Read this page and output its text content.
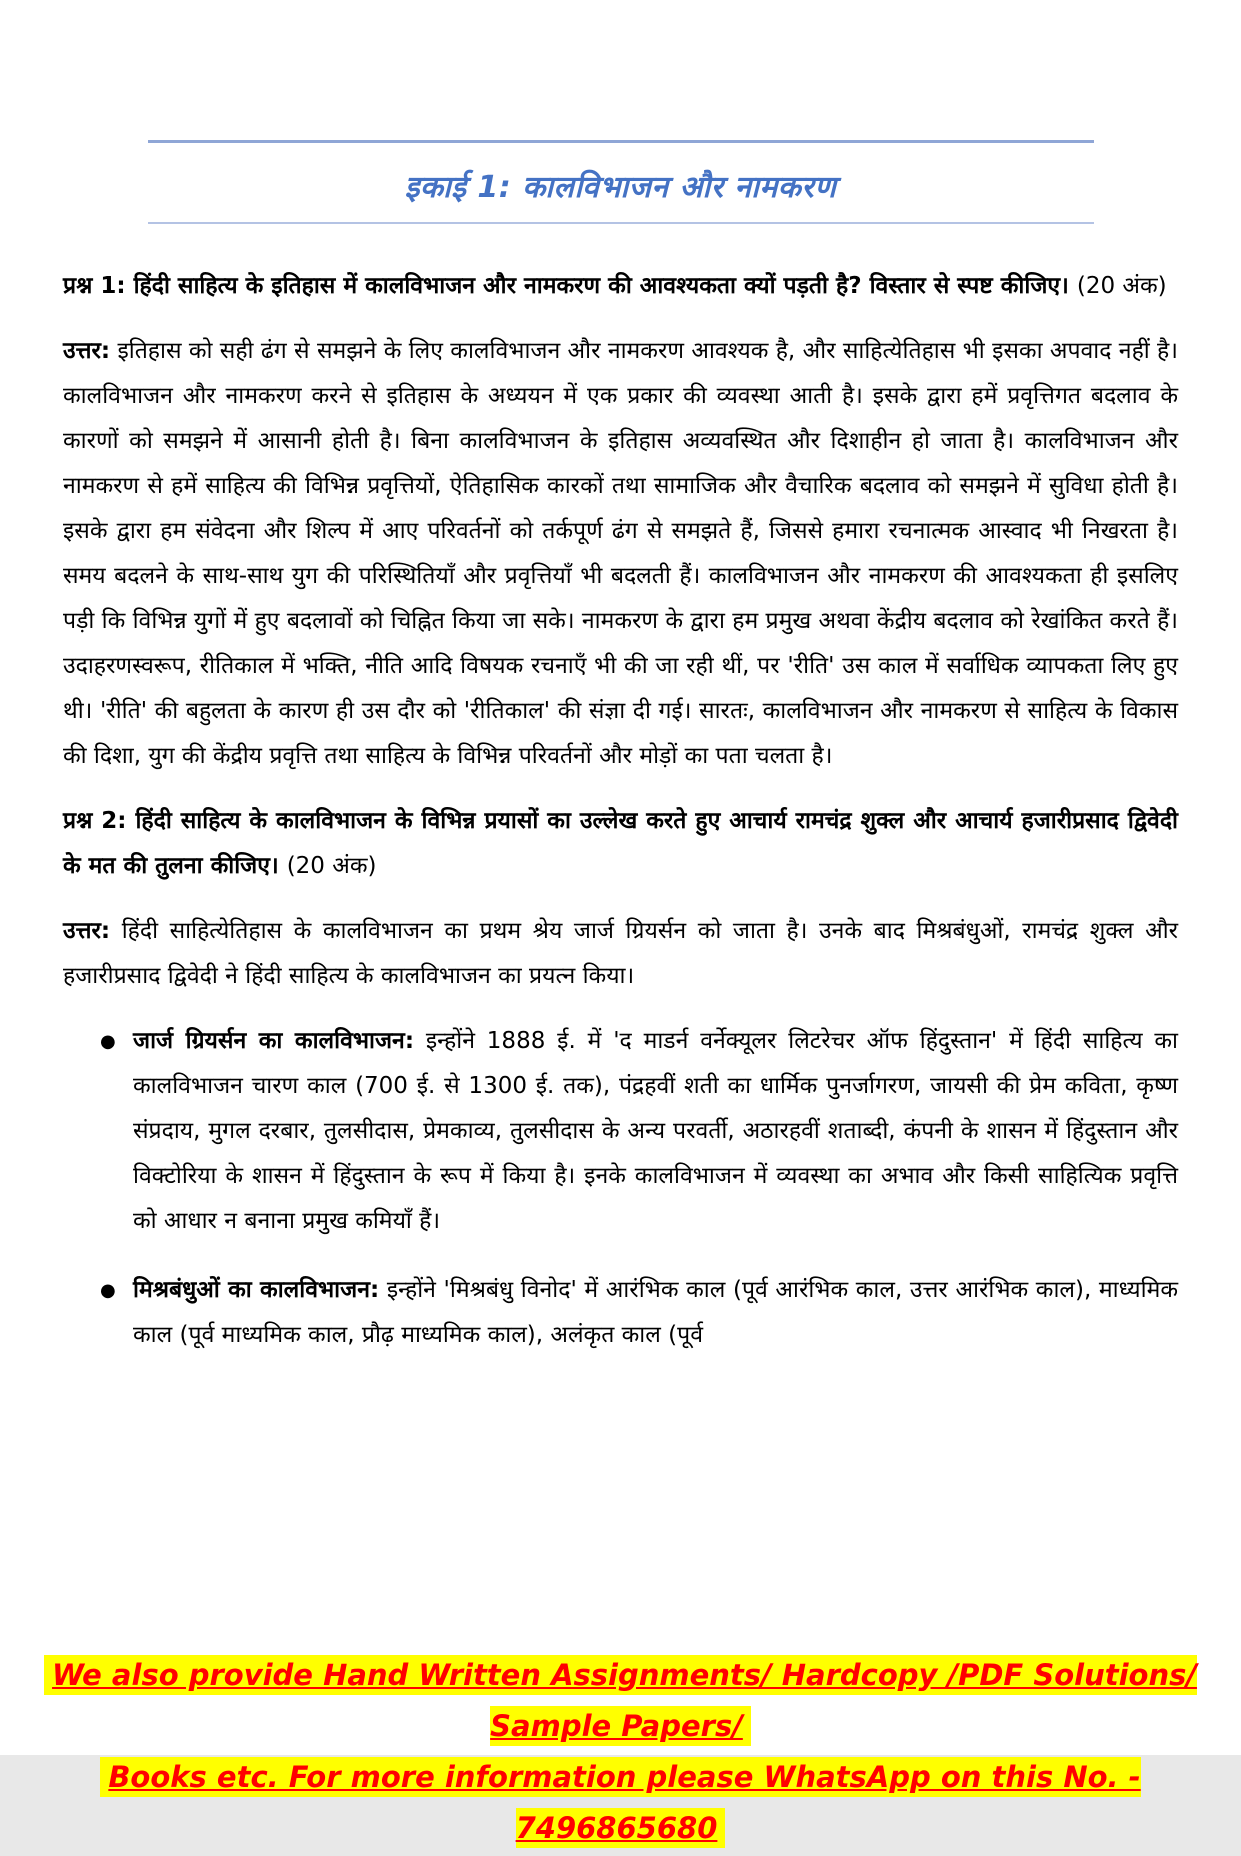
इकाई 1: कालविभाजन और नामकरण

प्रश्न 1: हिंदी साहित्य के इतिहास में कालविभाजन और नामकरण की आवश्यकता क्यों पड़ती है? विस्तार से स्पष्ट कीजिए। (20 अंक)

उत्तर: इतिहास को सही ढंग से समझने के लिए कालविभाजन और नामकरण आवश्यक है, और साहित्येतिहास भी इसका अपवाद नहीं है। कालविभाजन और नामकरण करने से इतिहास के अध्ययन में एक प्रकार की व्यवस्था आती है। इसके द्वारा हमें प्रवृत्तिगत बदलाव के कारणों को समझने में आसानी होती है। बिना कालविभाजन के इतिहास अव्यवस्थित और दिशाहीन हो जाता है। कालविभाजन और नामकरण से हमें साहित्य की विभिन्न प्रवृत्तियों, ऐतिहासिक कारकों तथा सामाजिक और वैचारिक बदलाव को समझने में सुविधा होती है। इसके द्वारा हम संवेदना और शिल्प में आए परिवर्तनों को तर्कपूर्ण ढंग से समझते हैं, जिससे हमारा रचनात्मक आस्वाद भी निखरता है। समय बदलने के साथ-साथ युग की परिस्थितियाँ और प्रवृत्तियाँ भी बदलती हैं। कालविभाजन और नामकरण की आवश्यकता ही इसलिए पड़ी कि विभिन्न युगों में हुए बदलावों को चिह्नित किया जा सके। नामकरण के द्वारा हम प्रमुख अथवा केंद्रीय बदलाव को रेखांकित करते हैं। उदाहरणस्वरूप, रीतिकाल में भक्ति, नीति आदि विषयक रचनाएँ भी की जा रही थीं, पर 'रीति' उस काल में सर्वाधिक व्यापकता लिए हुए थी। 'रीति' की बहुलता के कारण ही उस दौर को 'रीतिकाल' की संज्ञा दी गई। सारतः, कालविभाजन और नामकरण से साहित्य के विकास की दिशा, युग की केंद्रीय प्रवृत्ति तथा साहित्य के विभिन्न परिवर्तनों और मोड़ों का पता चलता है।

प्रश्न 2: हिंदी साहित्य के कालविभाजन के विभिन्न प्रयासों का उल्लेख करते हुए आचार्य रामचंद्र शुक्ल और आचार्य हजारीप्रसाद द्विवेदी के मत की तुलना कीजिए। (20 अंक)

उत्तर: हिंदी साहित्येतिहास के कालविभाजन का प्रथम श्रेय जार्ज ग्रियर्सन को जाता है। उनके बाद मिश्रबंधुओं, रामचंद्र शुक्ल और हजारीप्रसाद द्विवेदी ने हिंदी साहित्य के कालविभाजन का प्रयत्न किया।

● जार्ज ग्रियर्सन का कालविभाजन: इन्होंने 1888 ई. में 'द माडर्न वर्नेक्यूलर लिटरेचर ऑफ हिंदुस्तान' में हिंदी साहित्य का कालविभाजन चारण काल (700 ई. से 1300 ई. तक), पंद्रहवीं शती का धार्मिक पुनर्जागरण, जायसी की प्रेम कविता, कृष्ण संप्रदाय, मुगल दरबार, तुलसीदास, प्रेमकाव्य, तुलसीदास के अन्य परवर्ती, अठारहवीं शताब्दी, कंपनी के शासन में हिंदुस्तान और विक्टोरिया के शासन में हिंदुस्तान के रूप में किया है। इनके कालविभाजन में व्यवस्था का अभाव और किसी साहित्यिक प्रवृत्ति को आधार न बनाना प्रमुख कमियाँ हैं।
● मिश्रबंधुओं का कालविभाजन: इन्होंने 'मिश्रबंधु विनोद' में आरंभिक काल (पूर्व आरंभिक काल, उत्तर आरंभिक काल), माध्यमिक काल (पूर्व माध्यमिक काल, प्रौढ़ माध्यमिक काल), अलंकृत काल (पूर्व
We also provide Hand Written Assignments/ Hardcopy /PDF Solutions/ Sample Papers/
Books etc. For more information please WhatsApp on this No. - 7496865680
